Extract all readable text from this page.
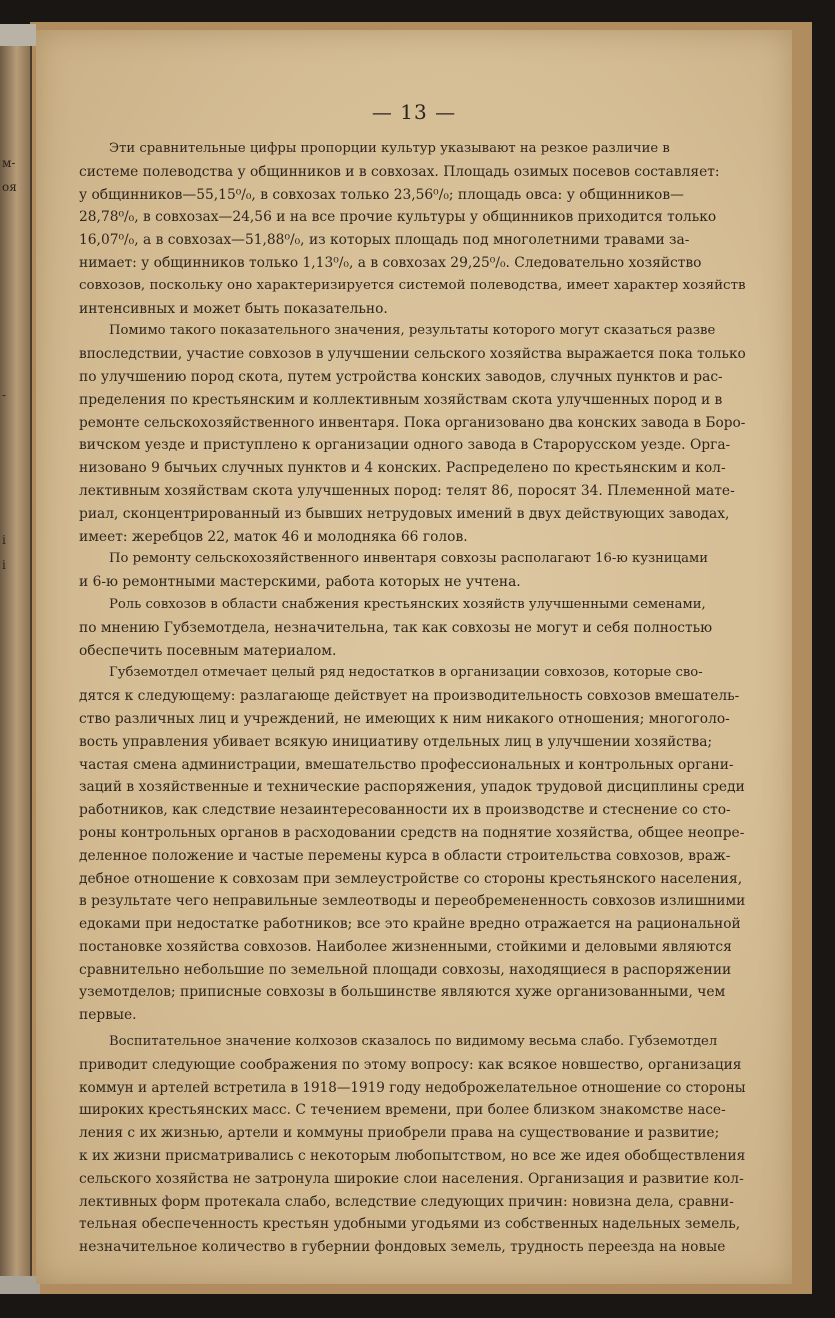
м-
оя
-
і
і
— 13 —
Эти сравнительные цифры пропорции культур указывают на резкое различие в
системе полеводства у общинников и в совхозах. Площадь озимых посевов составляет:
у общинников—55,15⁰/₀, в совхозах только 23,56⁰/₀; площадь овса: у общинников—
28,78⁰/₀, в совхозах—24,56 и на все прочие культуры у общинников приходится только
16,07⁰/₀, а в совхозах—51,88⁰/₀, из которых площадь под многолетними травами за-
нимает: у общинников только 1,13⁰/₀, а в совхозах 29,25⁰/₀. Следовательно хозяйство
совхозов, поскольку оно характеризируется системой полеводства, имеет характер хозяйств
интенсивных и может быть показательно.
Помимо такого показательного значения, результаты которого могут сказаться разве
впоследствии, участие совхозов в улучшении сельского хозяйства выражается пока только
по улучшению пород скота, путем устройства конских заводов, случных пунктов и рас-
пределения по крестьянским и коллективным хозяйствам скота улучшенных пород и в
ремонте сельскохозяйственного инвентаря. Пока организовано два конских завода в Боро-
вичском уезде и приступлено к организации одного завода в Старорусском уезде. Орга-
низовано 9 бычьих случных пунктов и 4 конских. Распределено по крестьянским и кол-
лективным хозяйствам скота улучшенных пород: телят 86, поросят 34. Племенной мате-
риал, сконцентрированный из бывших нетрудовых имений в двух действующих заводах,
имеет: жеребцов 22, маток 46 и молодняка 66 голов.
По ремонту сельскохозяйственного инвентаря совхозы располагают 16-ю кузницами
и 6-ю ремонтными мастерскими, работа которых не учтена.
Роль совхозов в области снабжения крестьянских хозяйств улучшенными семенами,
по мнению Губземотдела, незначительна, так как совхозы не могут и себя полностью
обеспечить посевным материалом.
Губземотдел отмечает целый ряд недостатков в организации совхозов, которые сво-
дятся к следующему: разлагающе действует на производительность совхозов вмешатель-
ство различных лиц и учреждений, не имеющих к ним никакого отношения; многоголо-
вость управления убивает всякую инициативу отдельных лиц в улучшении хозяйства;
частая смена администрации, вмешательство профессиональных и контрольных органи-
заций в хозяйственные и технические распоряжения, упадок трудовой дисциплины среди
работников, как следствие незаинтересованности их в производстве и стеснение со сто-
роны контрольных органов в расходовании средств на поднятие хозяйства, общее неопре-
деленное положение и частые перемены курса в области строительства совхозов, враж-
дебное отношение к совхозам при землеустройстве со стороны крестьянского населения,
в результате чего неправильные землеотводы и переобремененность совхозов излишними
едоками при недостатке работников; все это крайне вредно отражается на рациональной
постановке хозяйства совхозов. Наиболее жизненными, стойкими и деловыми являются
сравнительно небольшие по земельной площади совхозы, находящиеся в распоряжении
уземотделов; приписные совхозы в большинстве являются хуже организованными, чем
первые.
Воспитательное значение колхозов сказалось по видимому весьма слабо. Губземотдел
приводит следующие соображения по этому вопросу: как всякое новшество, организация
коммун и артелей встретила в 1918—1919 году недоброжелательное отношение со стороны
широких крестьянских масс. С течением времени, при более близком знакомстве насе-
ления с их жизнью, артели и коммуны приобрели права на существование и развитие;
к их жизни присматривались с некоторым любопытством, но все же идея обобществления
сельского хозяйства не затронула широкие слои населения. Организация и развитие кол-
лективных форм протекала слабо, вследствие следующих причин: новизна дела, сравни-
тельная обеспеченность крестьян удобными угодьями из собственных надельных земель,
незначительное количество в губернии фондовых земель, трудность переезда на новые
